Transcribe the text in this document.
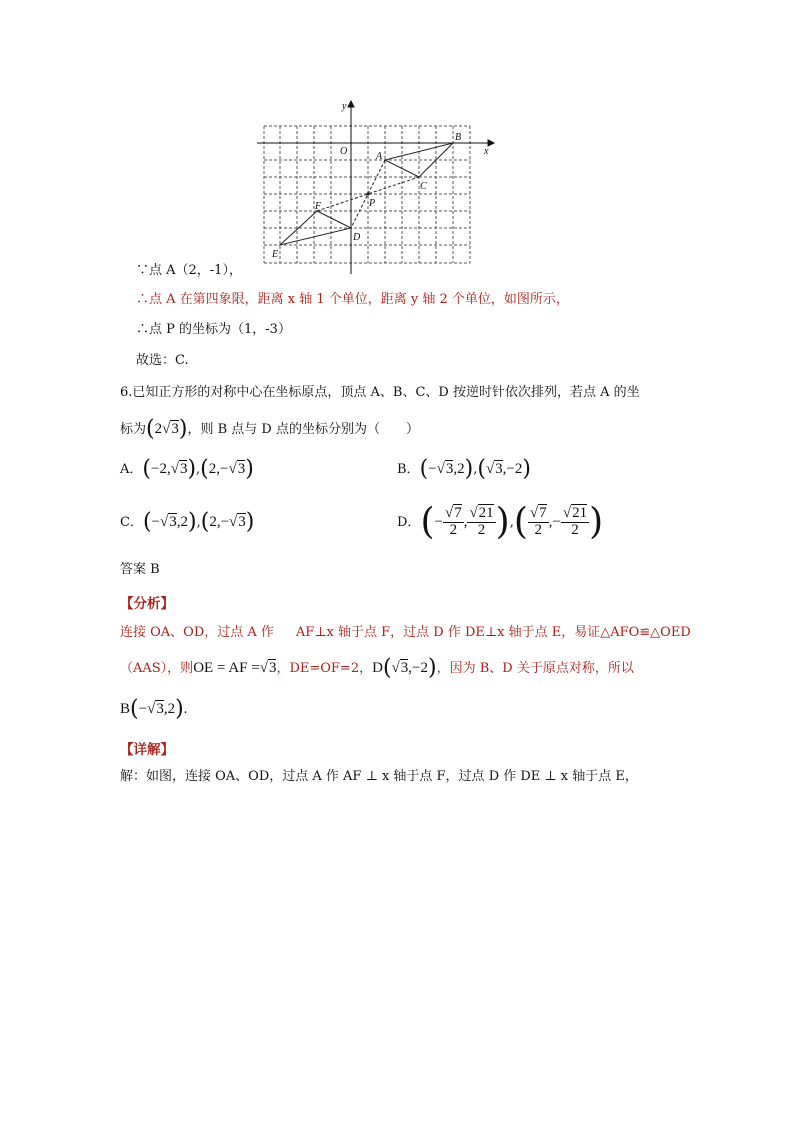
x
y
O	A
B
C
D
E
F	P
∵点 A（2，-1），
∴点 A 在第四象限，距离 x 轴 1 个单位，距离 y 轴 2 个单位，如图所示，
∴点 P 的坐标为（1，-3）
故选：C.
6.已知正方形的对称中心在坐标原点，顶点 A、B、C、D 按逆时针依次排列，若点 A 的坐
标为(2√3)，则 B 点与 D 点的坐标分别为（　　）
A．(−2,√3),(2,−√3)	B．(−√3,2),(√3,−2)
C．(−√3,2),(2,−√3)	D．(− $\frac{√7}{2}$ , $\frac{√21}{2}$ ),( $\frac{√7}{2}$ ,− $\frac{√21}{2}$ )
答案 B
【分析】
连接 OA、OD，过点 A 作 AF⊥x 轴于点 F，过点 D 作 DE⊥x 轴于点 E，易证△AFO≌△OED
（AAS），则OE = AF =√3，DE=OF=2，D(√3,−2)，因为 B、D 关于原点对称，所以
B(−√3,2).
【详解】
解：如图，连接 OA、OD，过点 A 作 AF ⊥ x 轴于点 F，过点 D 作 DE ⊥ x 轴于点 E，
